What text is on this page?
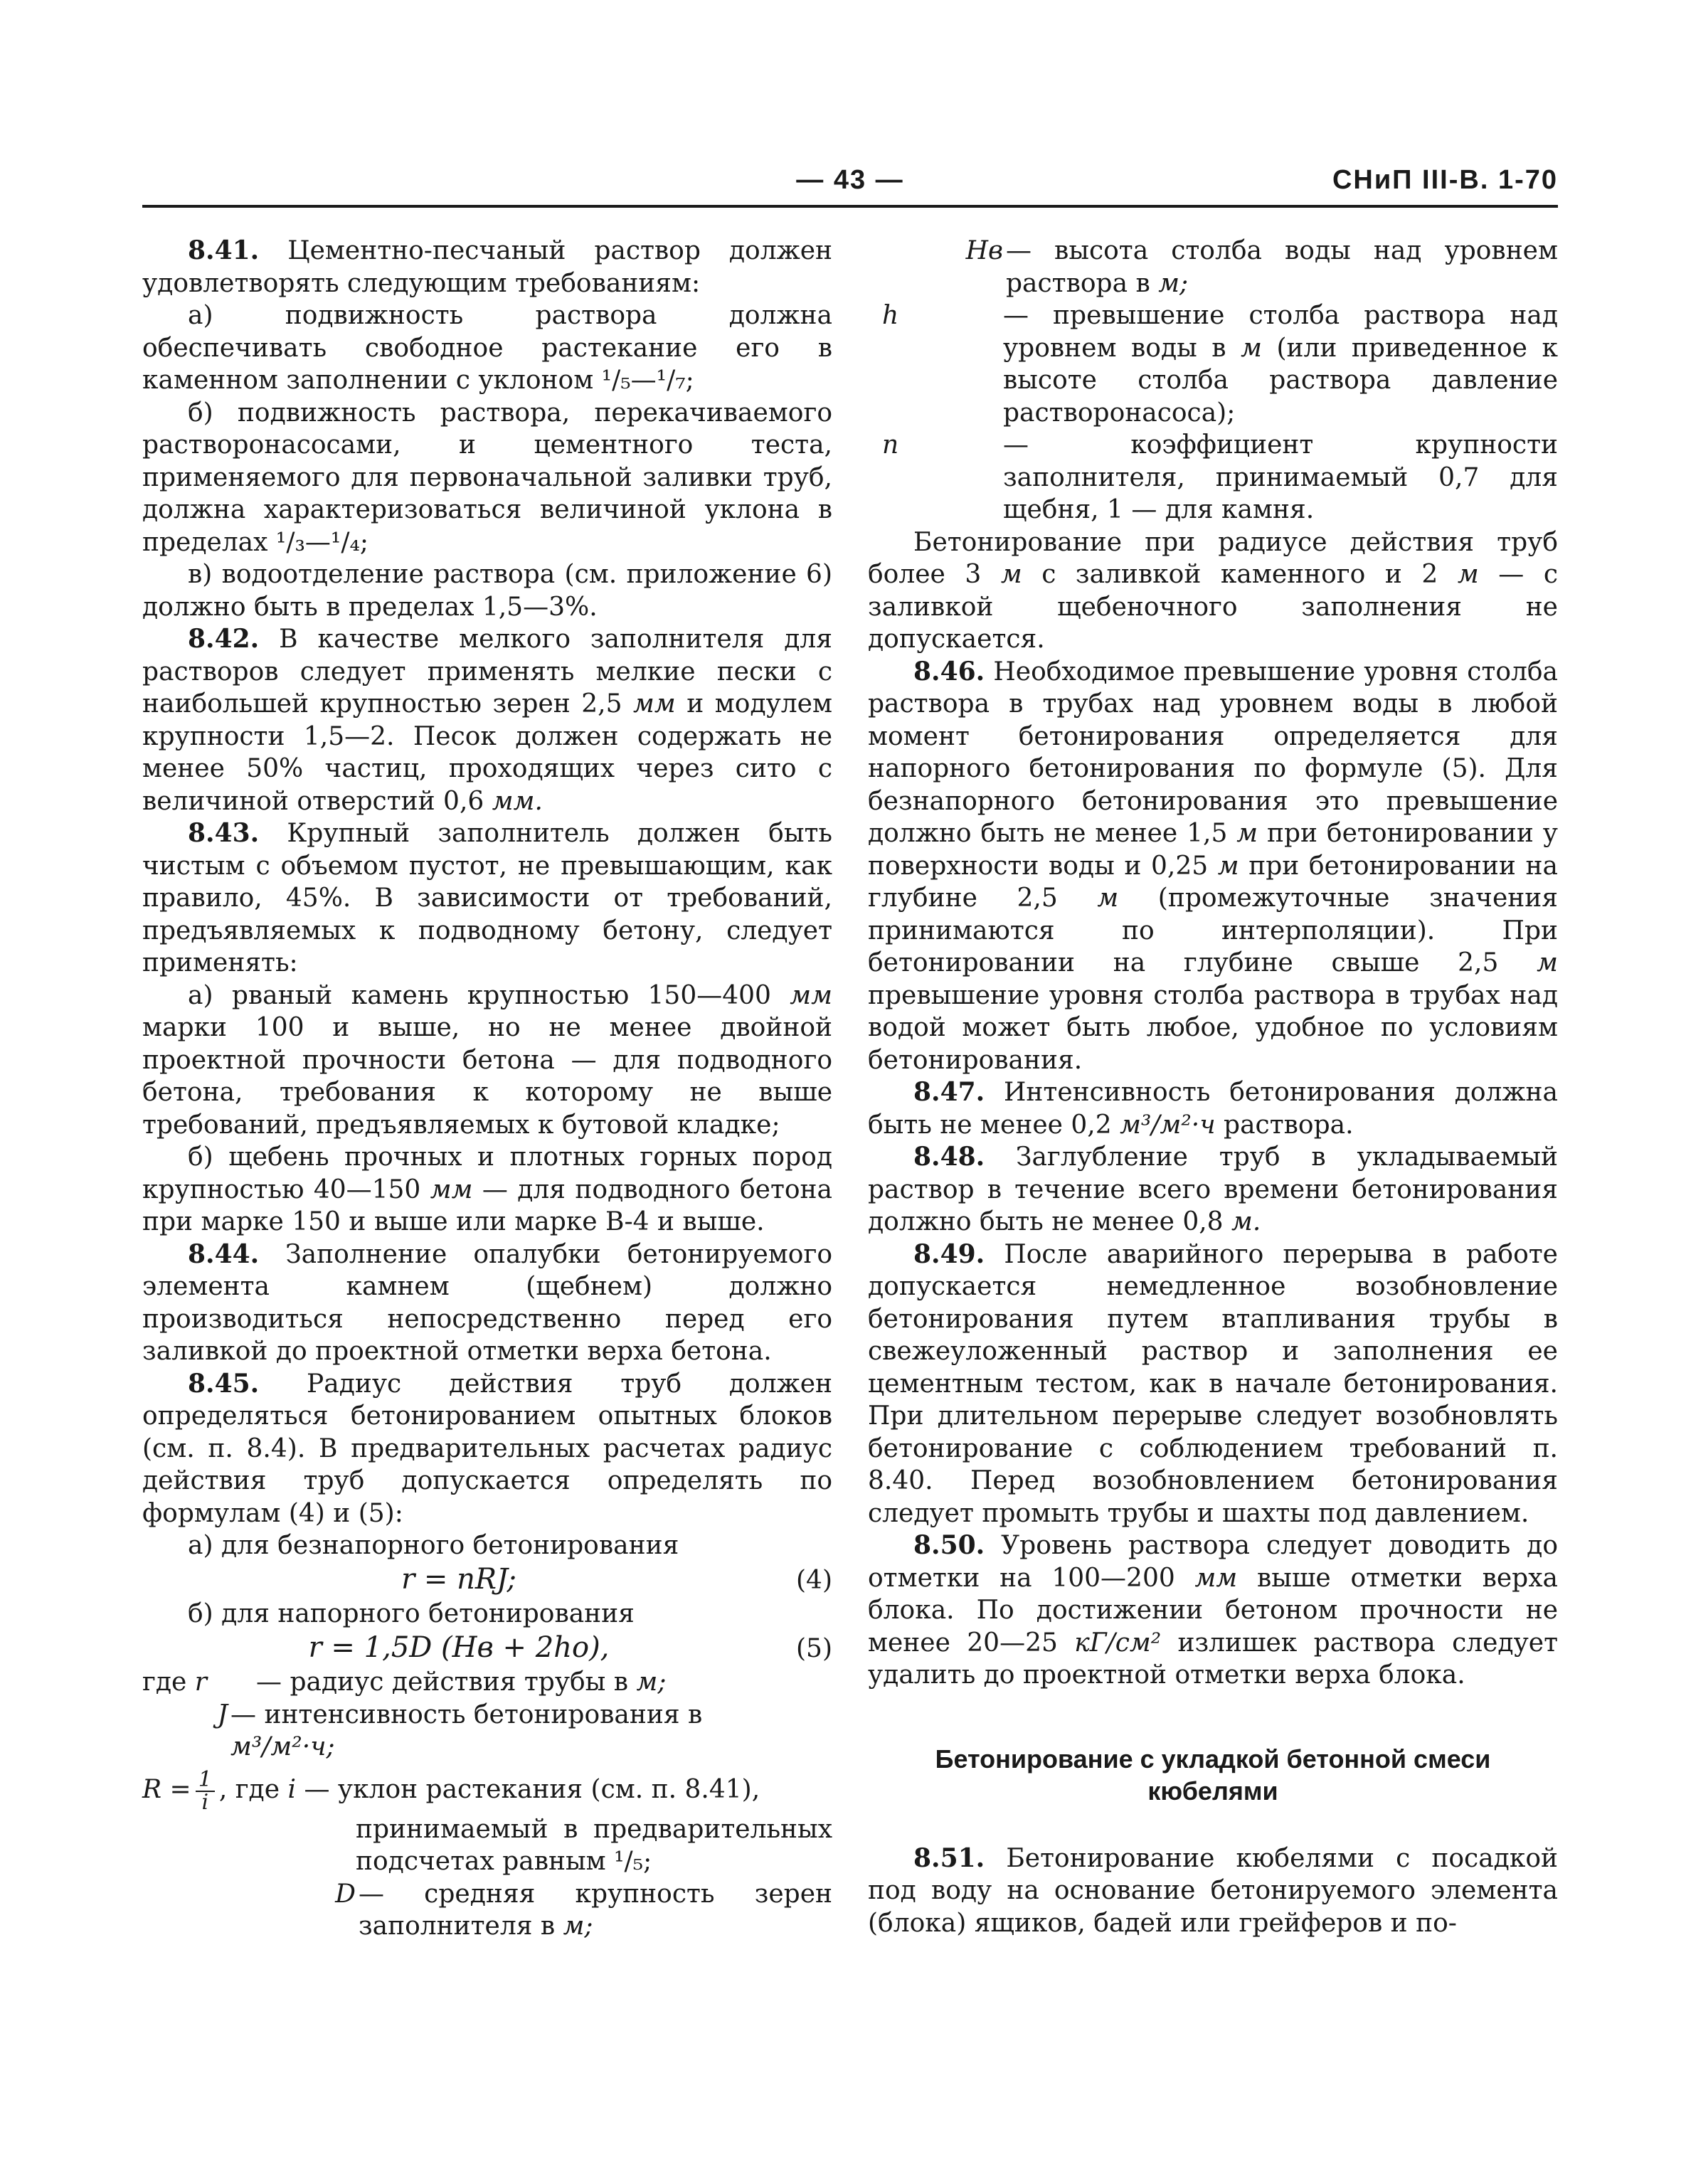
— 43 —	СНиП III-В. 1-70

8.41. Цементно-песчаный раствор должен удовлетворять следующим требованиям:

а) подвижность раствора должна обеспечивать свободное растекание его в каменном заполнении с уклоном ¹/₅—¹/₇;

б) подвижность раствора, перекачиваемого растворонасосами, и цементного теста, применяемого для первоначальной заливки труб, должна характеризоваться величиной уклона в пределах ¹/₃—¹/₄;

в) водоотделение раствора (см. приложение 6) должно быть в пределах 1,5—3%.

8.42. В качестве мелкого заполнителя для растворов следует применять мелкие пески с наибольшей крупностью зерен 2,5 мм и модулем крупности 1,5—2. Песок должен содержать не менее 50% частиц, проходящих через сито с величиной отверстий 0,6 мм.

8.43. Крупный заполнитель должен быть чистым с объемом пустот, не превышающим, как правило, 45%. В зависимости от требований, предъявляемых к подводному бетону, следует применять:

а) рваный камень крупностью 150—400 мм марки 100 и выше, но не менее двойной проектной прочности бетона — для подводного бетона, требования к которому не выше требований, предъявляемых к бутовой кладке;

б) щебень прочных и плотных горных пород крупностью 40—150 мм — для подводного бетона при марке 150 и выше или марке В-4 и выше.

8.44. Заполнение опалубки бетонируемого элемента камнем (щебнем) должно производиться непосредственно перед его заливкой до проектной отметки верха бетона.

8.45. Радиус действия труб должен определяться бетонированием опытных блоков (см. п. 8.4). В предварительных расчетах радиус действия труб допускается определять по формулам (4) и (5):

а) для безнапорного бетонирования

r = nRJ;	(4)

б) для напорного бетонирования

r = 1,5D (Hв + 2hо),	(5)
где r	— радиус действия трубы в м;
J — интенсивность бетонирования в
м³/м²·ч;
$R = \frac{1}{i}$ , где i — уклон растекания (см. п. 8.41),

принимаемый в предварительных подсчетах равным ¹/₅;

D — средняя крупность зерен заполнителя в м;
Hв — высота столба воды над уровнем раствора в м;
h	— превышение столба раствора над уровнем воды в м (или приведенное к высоте столба раствора давление растворонасоса);
n	— коэффициент крупности заполнителя, принимаемый 0,7 для щебня, 1 — для камня.

Бетонирование при радиусе действия труб более 3 м с заливкой каменного и 2 м — с заливкой щебеночного заполнения не допускается.

8.46. Необходимое превышение уровня столба раствора в трубах над уровнем воды в любой момент бетонирования определяется для напорного бетонирования по формуле (5). Для безнапорного бетонирования это превышение должно быть не менее 1,5 м при бетонировании у поверхности воды и 0,25 м при бетонировании на глубине 2,5 м (промежуточные значения принимаются по интерполяции). При бетонировании на глубине свыше 2,5 м превышение уровня столба раствора в трубах над водой может быть любое, удобное по условиям бетонирования.

8.47. Интенсивность бетонирования должна быть не менее 0,2 м³/м²·ч раствора.

8.48. Заглубление труб в укладываемый раствор в течение всего времени бетонирования должно быть не менее 0,8 м.

8.49. После аварийного перерыва в работе допускается немедленное возобновление бетонирования путем втапливания трубы в свежеуложенный раствор и заполнения ее цементным тестом, как в начале бетонирования. При длительном перерыве следует возобновлять бетонирование с соблюдением требований п. 8.40. Перед возобновлением бетонирования следует промыть трубы и шахты под давлением.

8.50. Уровень раствора следует доводить до отметки на 100—200 мм выше отметки верха блока. По достижении бетоном прочности не менее 20—25 кГ/см² излишек раствора следует удалить до проектной отметки верха блока.

Бетонирование с укладкой бетонной смеси кюбелями

8.51. Бетонирование кюбелями с посадкой под воду на основание бетонируемого элемента (блока) ящиков, бадей или грейферов и по-
